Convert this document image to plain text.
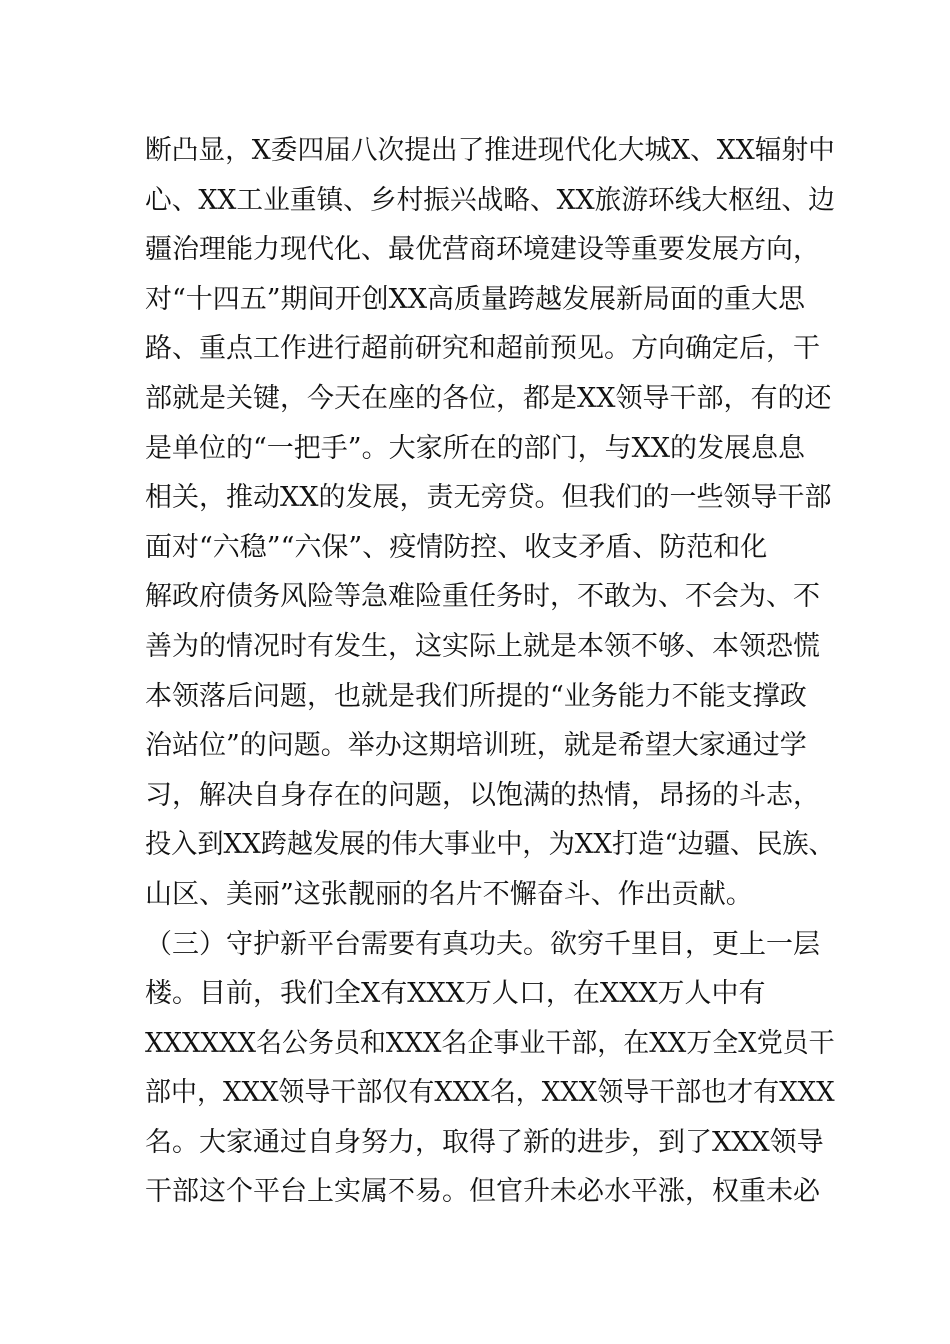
断凸显，X委四届八次提出了推进现代化大城X、XX辐射中
心、XX工业重镇、乡村振兴战略、XX旅游环线大枢纽、边
疆治理能力现代化、最优营商环境建设等重要发展方向，
对“十四五”期间开创XX高质量跨越发展新局面的重大思
路、重点工作进行超前研究和超前预见。方向确定后，干
部就是关键，今天在座的各位，都是XX领导干部，有的还
是单位的“一把手”。大家所在的部门，与XX的发展息息
相关，推动XX的发展，责无旁贷。但我们的一些领导干部
面对“六稳”“六保”、疫情防控、收支矛盾、防范和化
解政府债务风险等急难险重任务时，不敢为、不会为、不
善为的情况时有发生，这实际上就是本领不够、本领恐慌
本领落后问题，也就是我们所提的“业务能力不能支撑政
治站位”的问题。举办这期培训班，就是希望大家通过学
习，解决自身存在的问题，以饱满的热情，昂扬的斗志，
投入到XX跨越发展的伟大事业中，为XX打造“边疆、民族、
山区、美丽”这张靓丽的名片不懈奋斗、作出贡献。
（三）守护新平台需要有真功夫。欲穷千里目，更上一层
楼。目前，我们全X有XXX万人口，在XXX万人中有
XXXXXX名公务员和XXX名企事业干部，在XX万全X党员干
部中，XXX领导干部仅有XXX名，XXX领导干部也才有XXX
名。大家通过自身努力，取得了新的进步，到了XXX领导
干部这个平台上实属不易。但官升未必水平涨，权重未必
